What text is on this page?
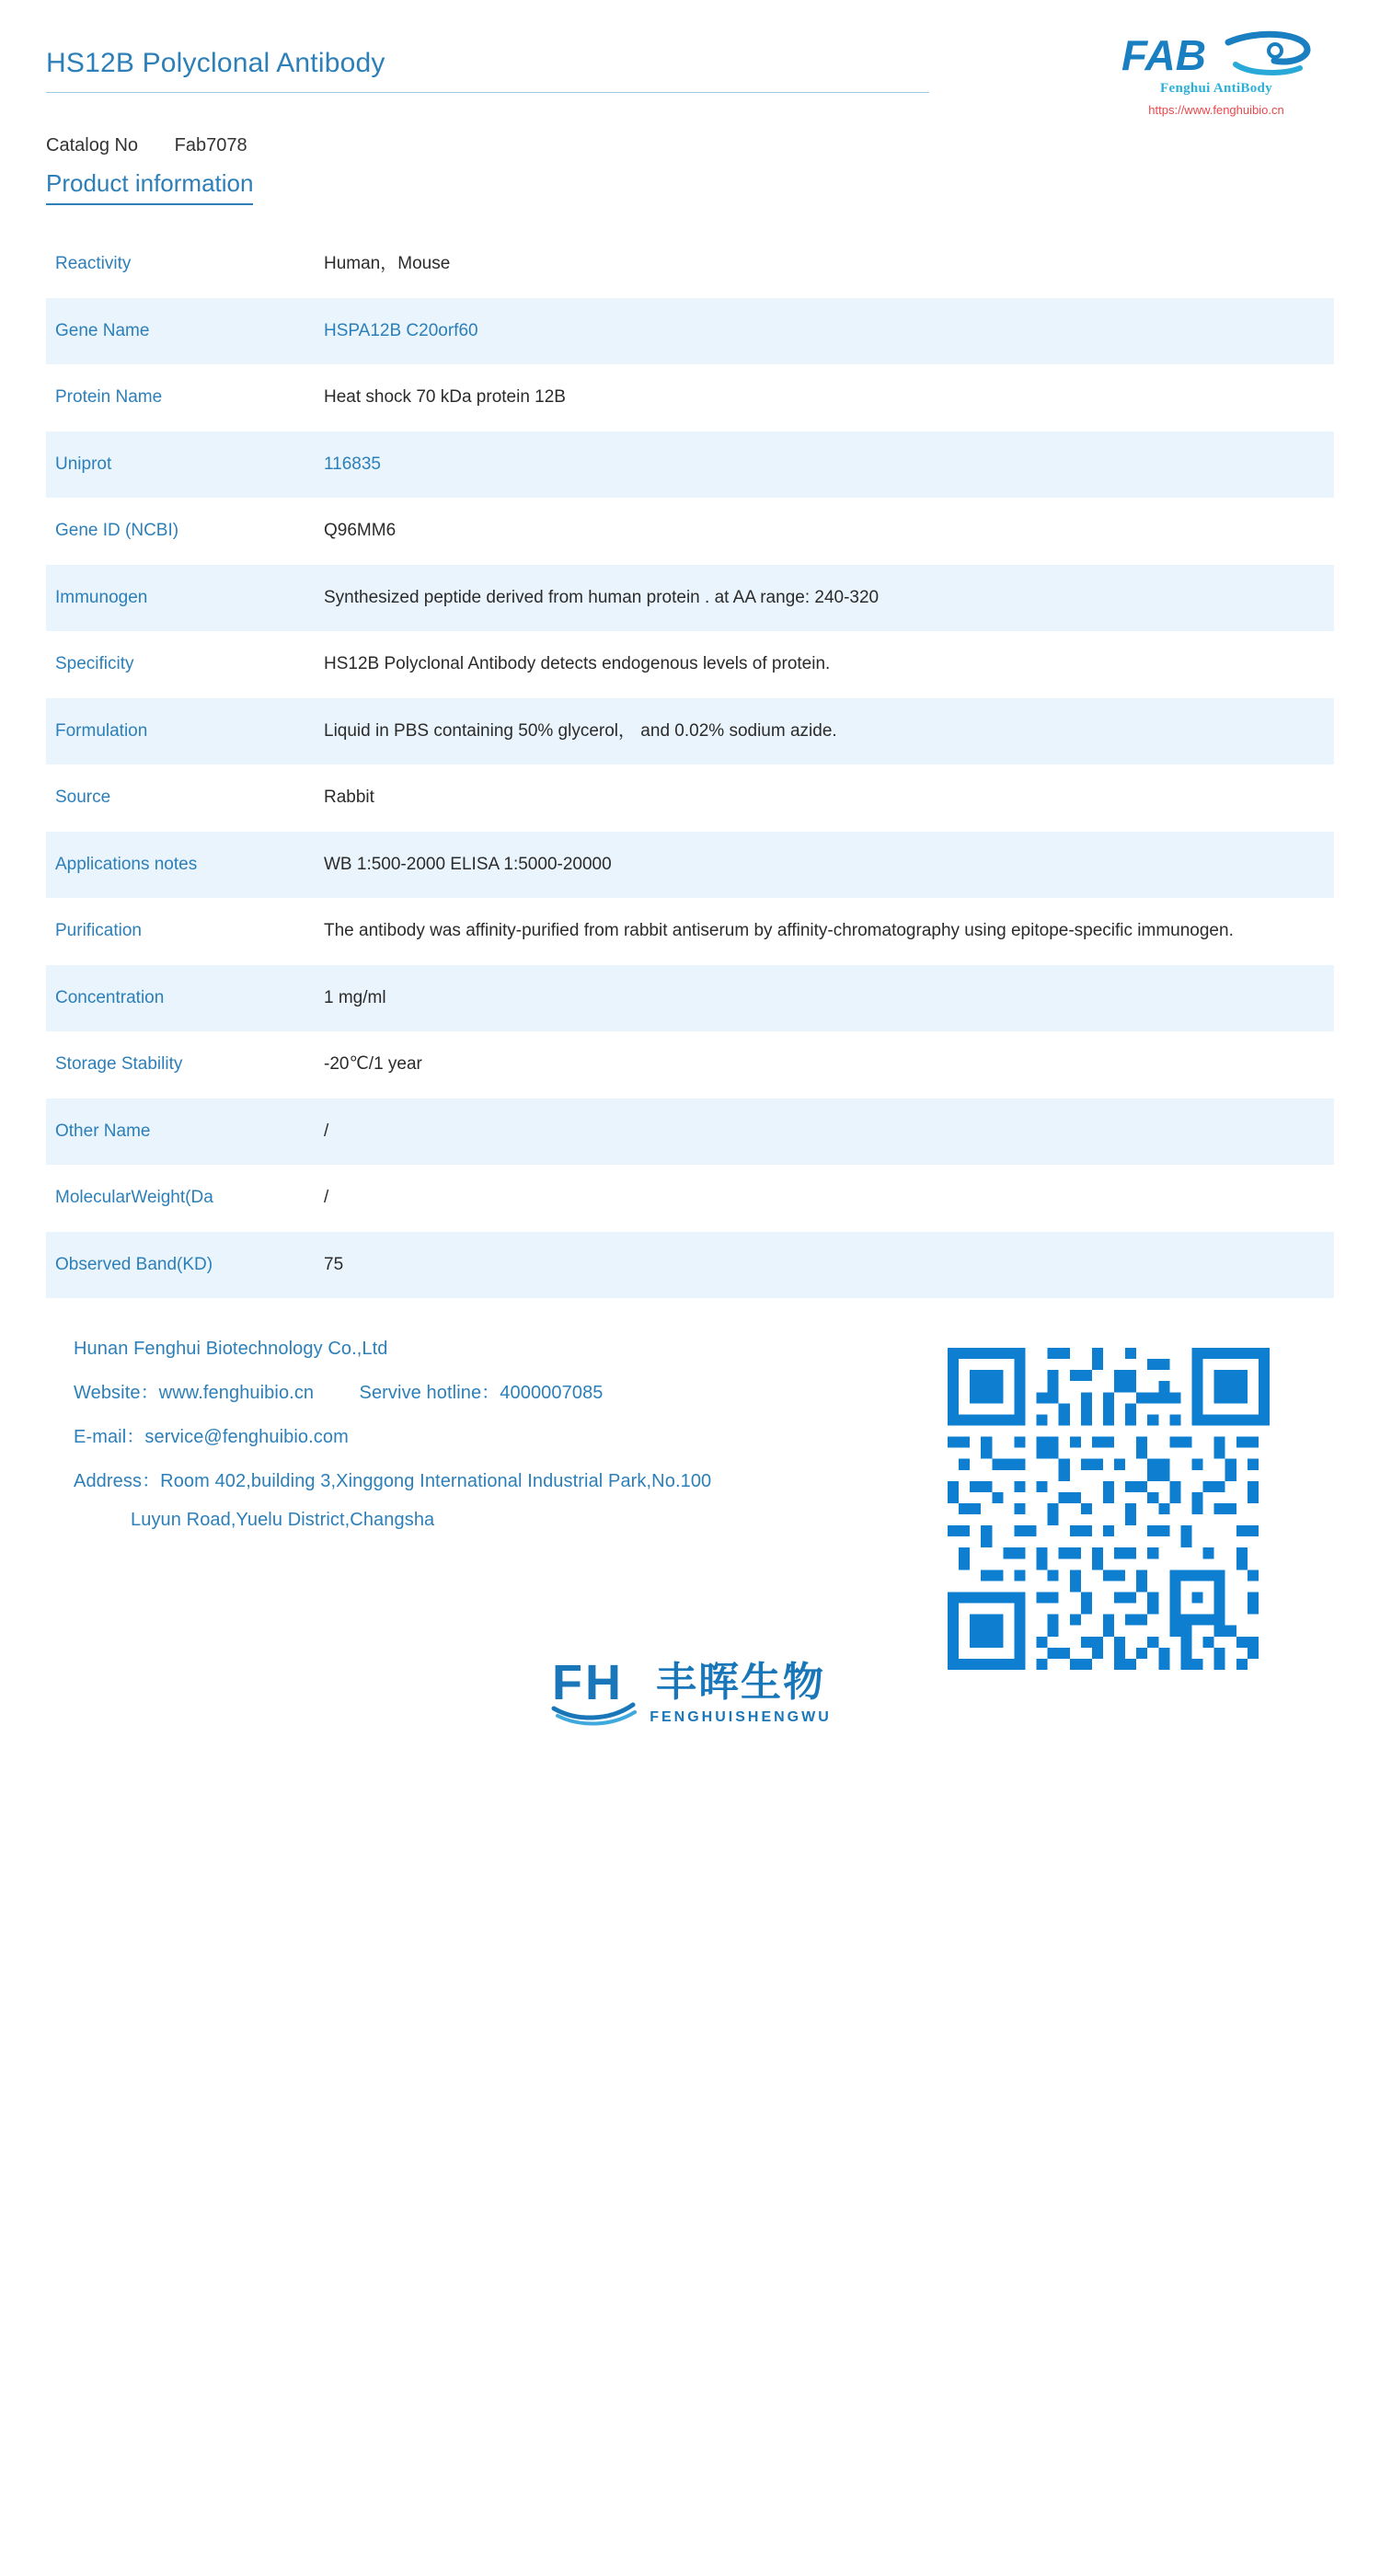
HS12B Polyclonal Antibody
Catalog No Fab7078
FAB
Fenghui AntiBody
https://www.fenghuibio.cn
Product information
Reactivity	Human，Mouse
Gene Name	HSPA12B C20orf60
Protein Name	Heat shock 70 kDa protein 12B
Uniprot	116835
Gene ID (NCBI)	Q96MM6
Immunogen	Synthesized peptide derived from human protein . at AA range: 240-320
Specificity	HS12B Polyclonal Antibody detects endogenous levels of protein.
Formulation	Liquid in PBS containing 50% glycerol， and 0.02% sodium azide.
Source	Rabbit
Applications notes	WB 1:500-2000 ELISA 1:5000-20000
Purification	The antibody was affinity-purified from rabbit antiserum by affinity-chromatography using epitope-specific immunogen.
Concentration	1 mg/ml
Storage Stability	-20℃/1 year
Other Name	/
MolecularWeight(Da	/
Observed Band(KD)	75
Hunan Fenghui Biotechnology Co.,Ltd
Website：www.fenghuibio.cn Servive hotline：4000007085
E-mail：service@fenghuibio.com
Address：Room 402,building 3,Xinggong International Industrial Park,No.100
Luyun Road,Yuelu District,Changsha
F H 丰晖生物
FENGHUISHENGWU
